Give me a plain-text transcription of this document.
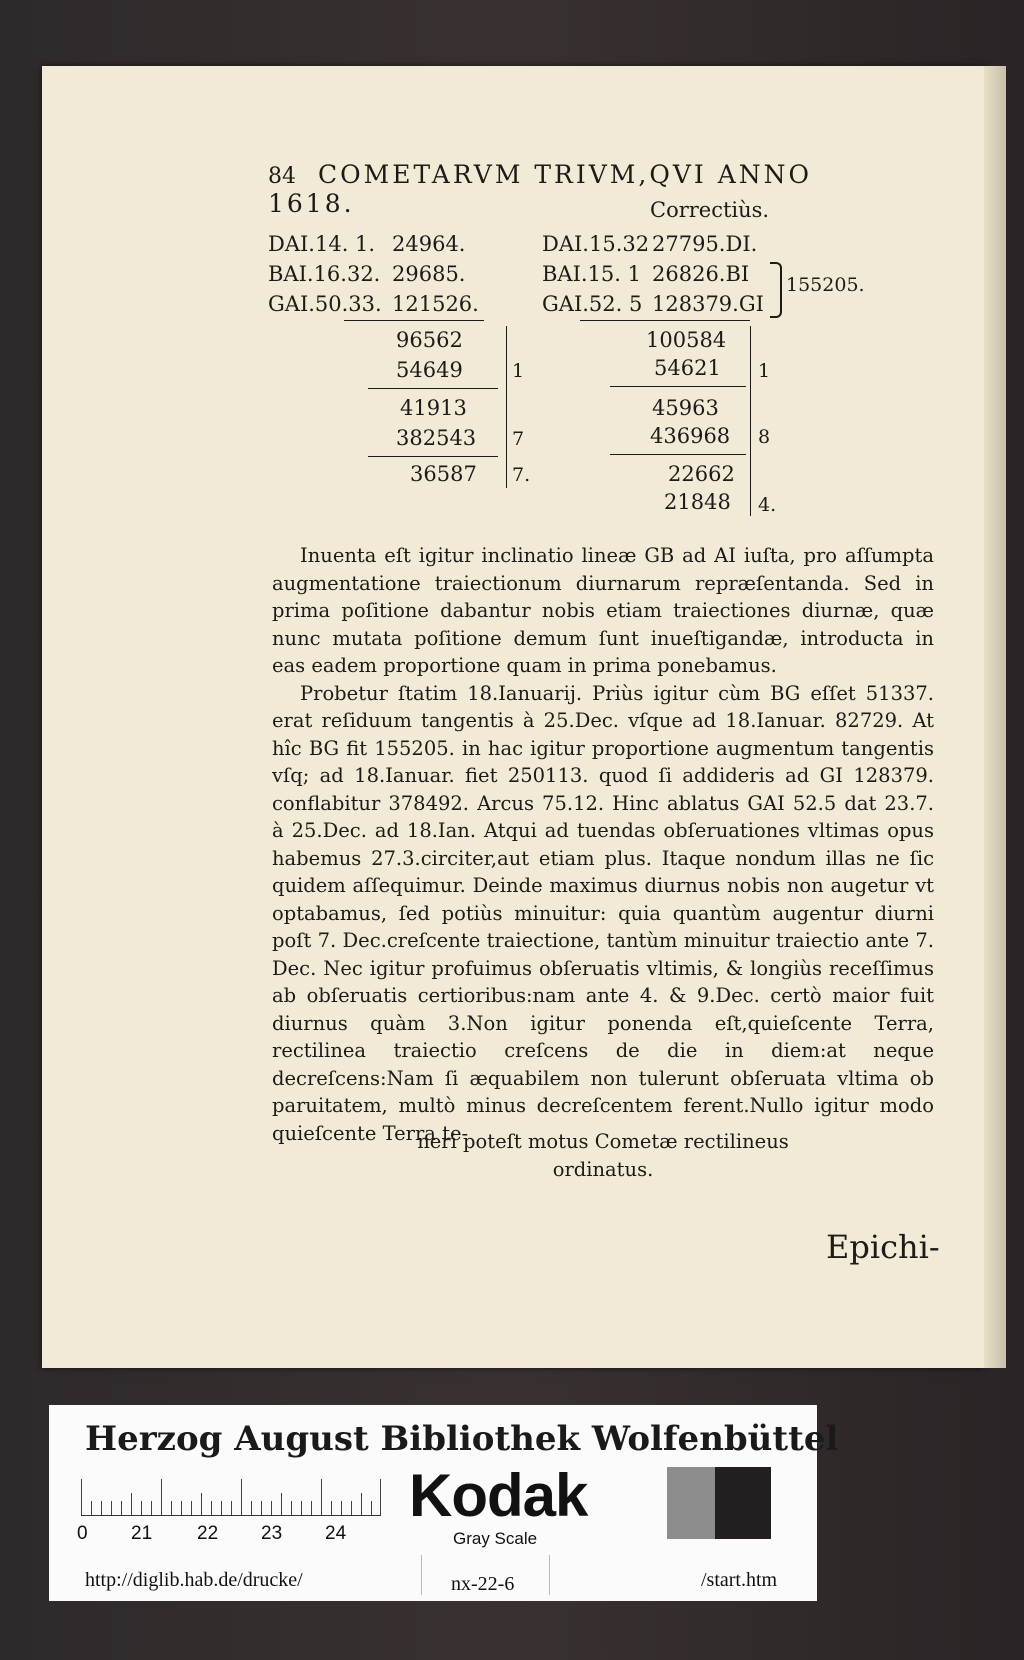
84 COMETARVM TRIVM,QVI ANNO 1618.	Correctiùs.
DAI.14. 1. 24964.	DAI.15.32 27795.DI.
BAI.16.32. 29685.	BAI.15. 1 26826.BI
GAI.50.33. 121526.	GAI.52. 5 128379.GI
155205.
96562
54649	1
41913
382543 7
36587 7.
100584
54621 1
45963
436968 8
22662
21848 4.

Inuenta eſt igitur inclinatio lineæ GB ad AI iuſta, pro aſſumpta augmentatione traiectionum diurnarum repræſentanda. Sed in prima poſitione dabantur nobis etiam traiectiones diurnæ, quæ nunc mutata poſitione demum ſunt inueſtigandæ, introducta in eas eadem proportione quam in prima ponebamus.

Probetur ſtatim 18.Ianuarij. Priùs igitur cùm BG eſſet 51337. erat reſiduum tangentis à 25.Dec. vſque ad 18.Ianuar. 82729. At hîc BG fit 155205. in hac igitur proportione augmentum tangentis vſq; ad 18.Ianuar. fiet 250113. quod ſi addideris ad GI 128379. conflabitur 378492. Arcus 75.12. Hinc ablatus GAI 52.5 dat 23.7. à 25.Dec. ad 18.Ian. Atqui ad tuendas obſeruationes vltimas opus habemus 27.3.circiter,aut etiam plus. Itaque nondum illas ne ſic quidem aſſequimur. Deinde maximus diurnus nobis non augetur vt optabamus, ſed potiùs minuitur: quia quantùm augentur diurni poſt 7. Dec.creſcente traiectione, tantùm minuitur traiectio ante 7. Dec. Nec igitur profuimus obſeruatis vltimis, & longiùs receſſimus ab obſeruatis certioribus:nam ante 4. & 9.Dec. certò maior fuit diurnus quàm 3.Non igitur ponenda eſt,quieſcente Terra, rectilinea traiectio creſcens de die in diem:at neque decreſcens:Nam ſi æquabilem non tulerunt obſeruata vltima ob paruitatem, multò minus decreſcentem ferent.Nullo igitur modo quieſcente Terra te-

neri poteſt motus Cometæ rectilineus
ordinatus.
Epichi-
Herzog August Bibliothek Wolfenbüttel
0 21 22 23 24
Kodak
Gray Scale
http://diglib.hab.de/drucke/	nx-22-6	/start.htm
